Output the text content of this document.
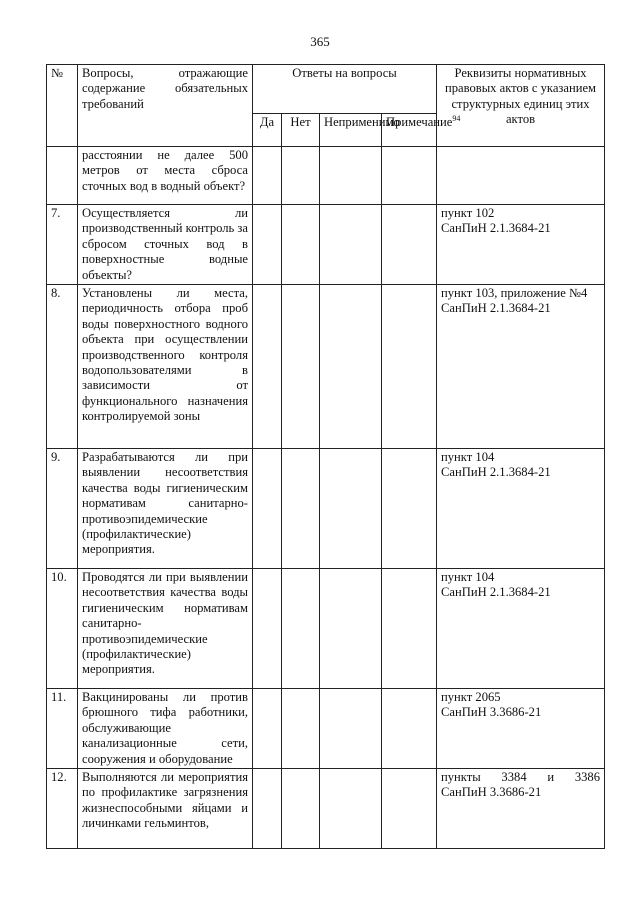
365
№	Вопросы, отражающие содержание обязательных требований	Ответы на вопросы				Реквизиты нормативных правовых актов с указанием структурных единиц этих актов
		Да	Нет	Неприменимо	Примечание$^{94}$
	расстоянии не далее 500 метров от места сброса сточных вод в водный объект?					

7.	Осуществляется ли производственный контроль за сбросом сточных вод в поверхностные водные объекты?					пункт 102
СанПиН 2.1.3684-21

8.	Установлены ли места, периодичность отбора проб воды поверхностного водного объекта при осуществлении производственного контроля водопользователями в зависимости от функционального назначения контролируемой зоны					пункт 103, приложение №4
СанПиН 2.1.3684-21

9.	Разрабатываются ли при выявлении несоответствия качества воды гигиеническим нормативам санитарно-противоэпидемические (профилактические) мероприятия.					пункт 104
СанПиН 2.1.3684-21

10.	Проводятся ли при выявлении несоответствия качества воды гигиеническим нормативам санитарно-противоэпидемические (профилактические) мероприятия.					пункт 104
СанПиН 2.1.3684-21

11.	Вакцинированы ли против брюшного тифа работники, обслуживающие канализационные сети, сооружения и оборудование					пункт 2065
СанПиН 3.3686-21

12.	Выполняются ли мероприятия по профилактике загрязнения жизнеспособными яйцами и личинками гельминтов,					пункты 3384 и 3386
СанПиН 3.3686-21
